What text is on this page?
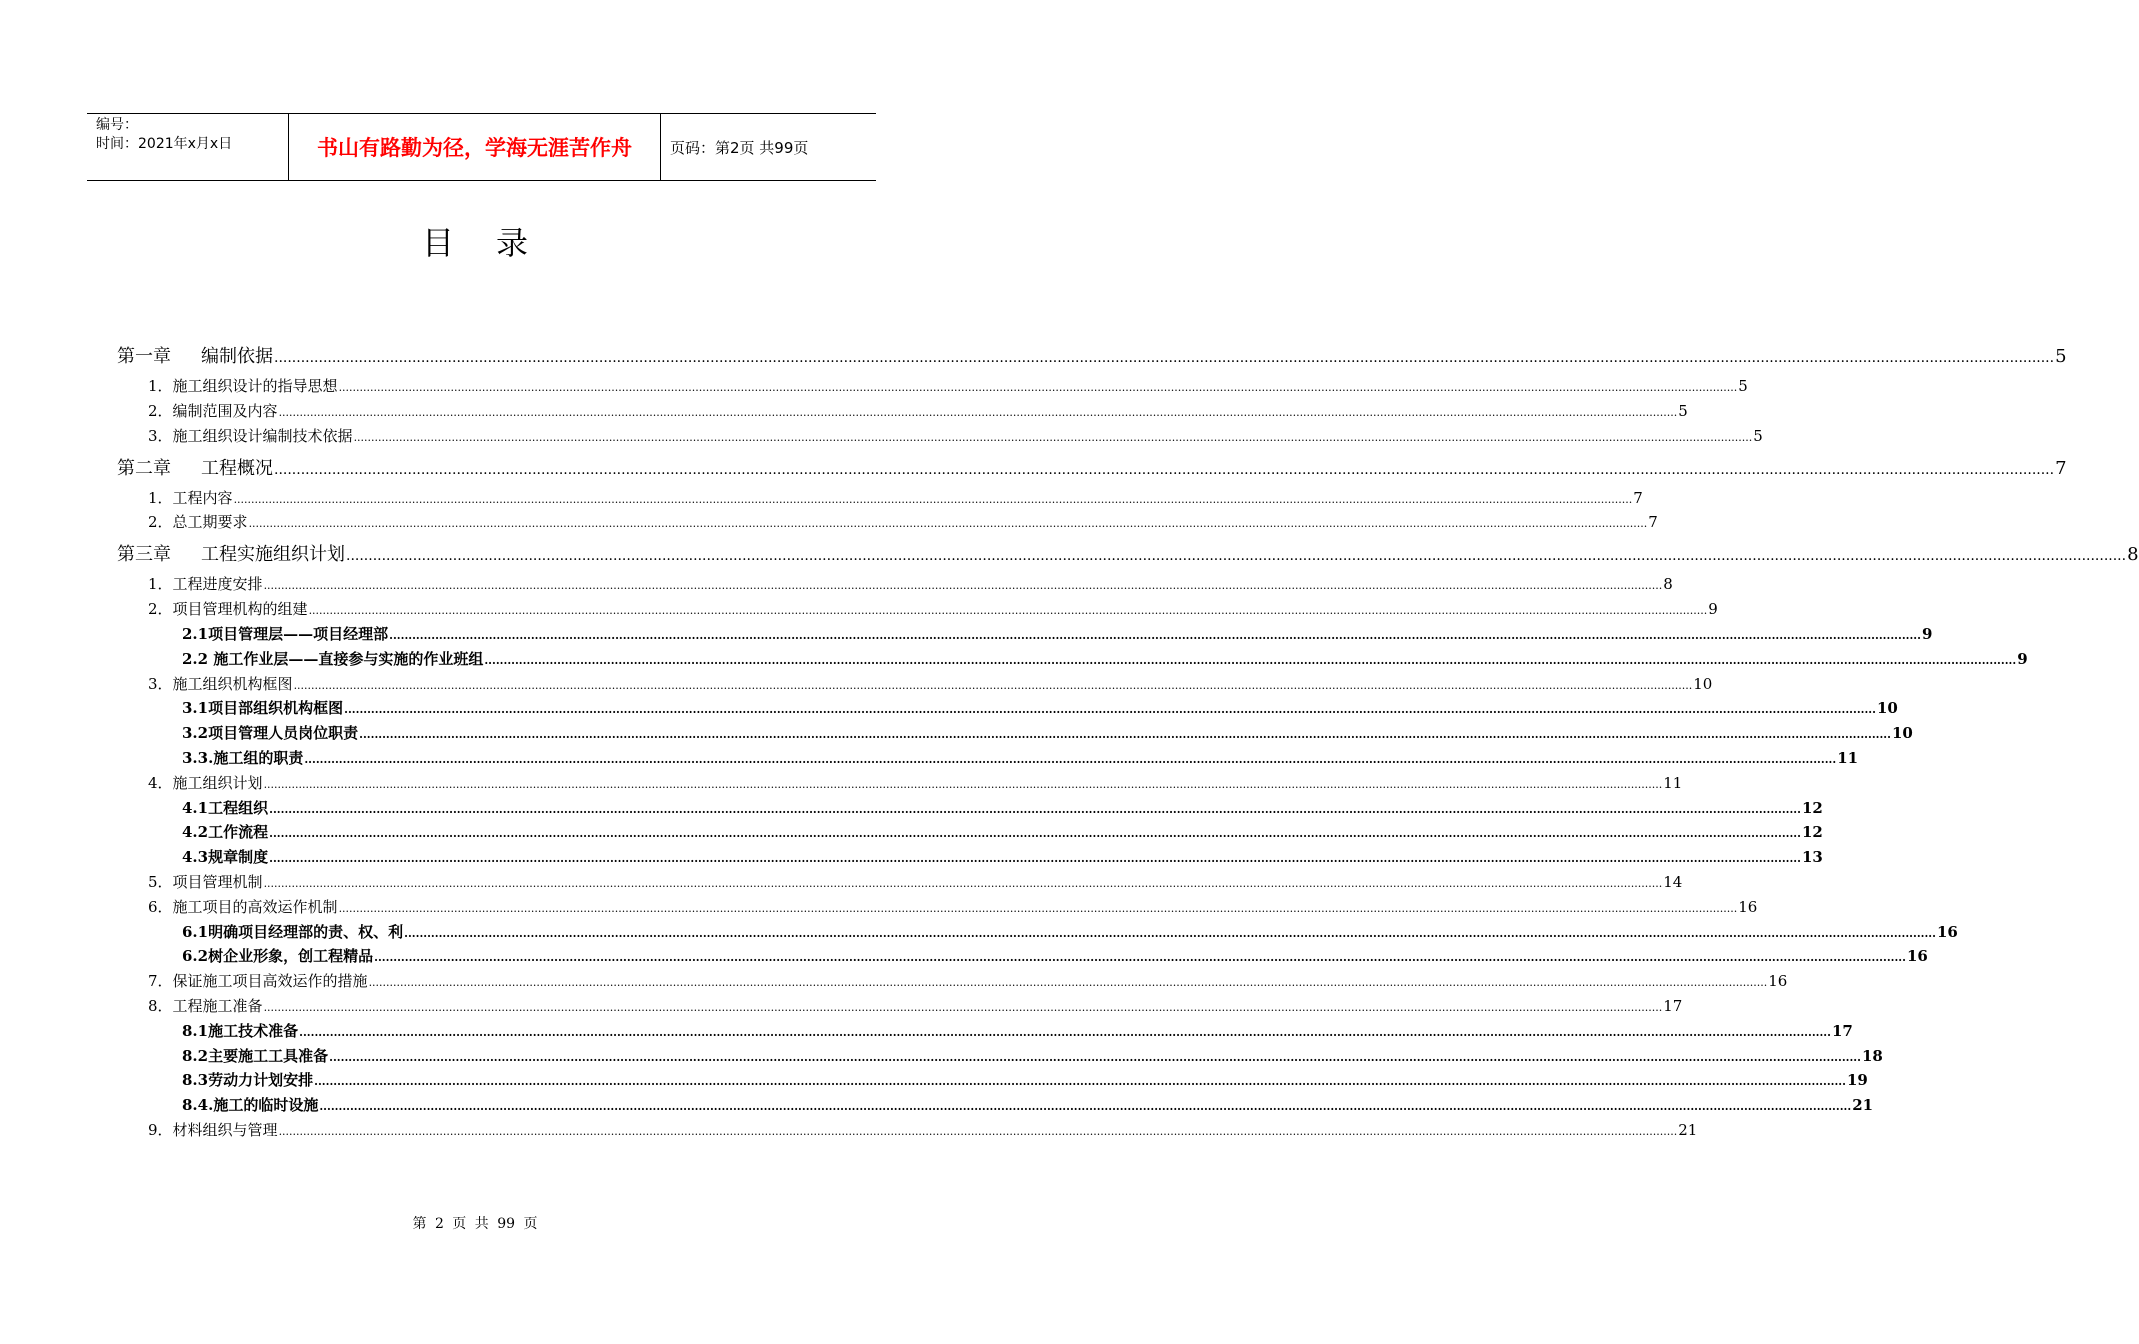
编号：
时间：2021年x月x日	书山有路勤为径，学海无涯苦作舟	页码：第2页 共99页
目录
第一章 编制依据 ................................................................................................................................................................................................................................................................................................................................................................................................................ 5
1．施工组织设计的指导思想 ................................................................................................................................................................................................................................................................................................................................................................................................................ 5
2．编制范围及内容 ................................................................................................................................................................................................................................................................................................................................................................................................................ 5
3．施工组织设计编制技术依据 ................................................................................................................................................................................................................................................................................................................................................................................................................ 5
第二章 工程概况 ................................................................................................................................................................................................................................................................................................................................................................................................................ 7
1．工程内容 ................................................................................................................................................................................................................................................................................................................................................................................................................ 7
2．总工期要求 ................................................................................................................................................................................................................................................................................................................................................................................................................ 7
第三章 工程实施组织计划 ................................................................................................................................................................................................................................................................................................................................................................................................................ 8
1．工程进度安排 ................................................................................................................................................................................................................................................................................................................................................................................................................ 8
2．项目管理机构的组建 ................................................................................................................................................................................................................................................................................................................................................................................................................ 9
2.1项目管理层——项目经理部 ................................................................................................................................................................................................................................................................................................................................................................................................................ 9
2.2 施工作业层——直接参与实施的作业班组 ................................................................................................................................................................................................................................................................................................................................................................................................................ 9
3．施工组织机构框图 ................................................................................................................................................................................................................................................................................................................................................................................................................ 10
3.1项目部组织机构框图 ................................................................................................................................................................................................................................................................................................................................................................................................................ 10
3.2项目管理人员岗位职责 ................................................................................................................................................................................................................................................................................................................................................................................................................ 10
3.3.施工组的职责 ................................................................................................................................................................................................................................................................................................................................................................................................................ 11
4．施工组织计划 ................................................................................................................................................................................................................................................................................................................................................................................................................ 11
4.1工程组织 ................................................................................................................................................................................................................................................................................................................................................................................................................ 12
4.2工作流程 ................................................................................................................................................................................................................................................................................................................................................................................................................ 12
4.3规章制度 ................................................................................................................................................................................................................................................................................................................................................................................................................ 13
5．项目管理机制 ................................................................................................................................................................................................................................................................................................................................................................................................................ 14
6．施工项目的高效运作机制 ................................................................................................................................................................................................................................................................................................................................................................................................................ 16
6.1明确项目经理部的责、权、利 ................................................................................................................................................................................................................................................................................................................................................................................................................ 16
6.2树企业形象，创工程精品 ................................................................................................................................................................................................................................................................................................................................................................................................................ 16
7．保证施工项目高效运作的措施 ................................................................................................................................................................................................................................................................................................................................................................................................................ 16
8．工程施工准备 ................................................................................................................................................................................................................................................................................................................................................................................................................ 17
8.1施工技术准备 ................................................................................................................................................................................................................................................................................................................................................................................................................ 17
8.2主要施工工具准备 ................................................................................................................................................................................................................................................................................................................................................................................................................ 18
8.3劳动力计划安排 ................................................................................................................................................................................................................................................................................................................................................................................................................ 19
8.4.施工的临时设施 ................................................................................................................................................................................................................................................................................................................................................................................................................ 21
9．材料组织与管理 ................................................................................................................................................................................................................................................................................................................................................................................................................ 21
第 2 页 共 99 页
